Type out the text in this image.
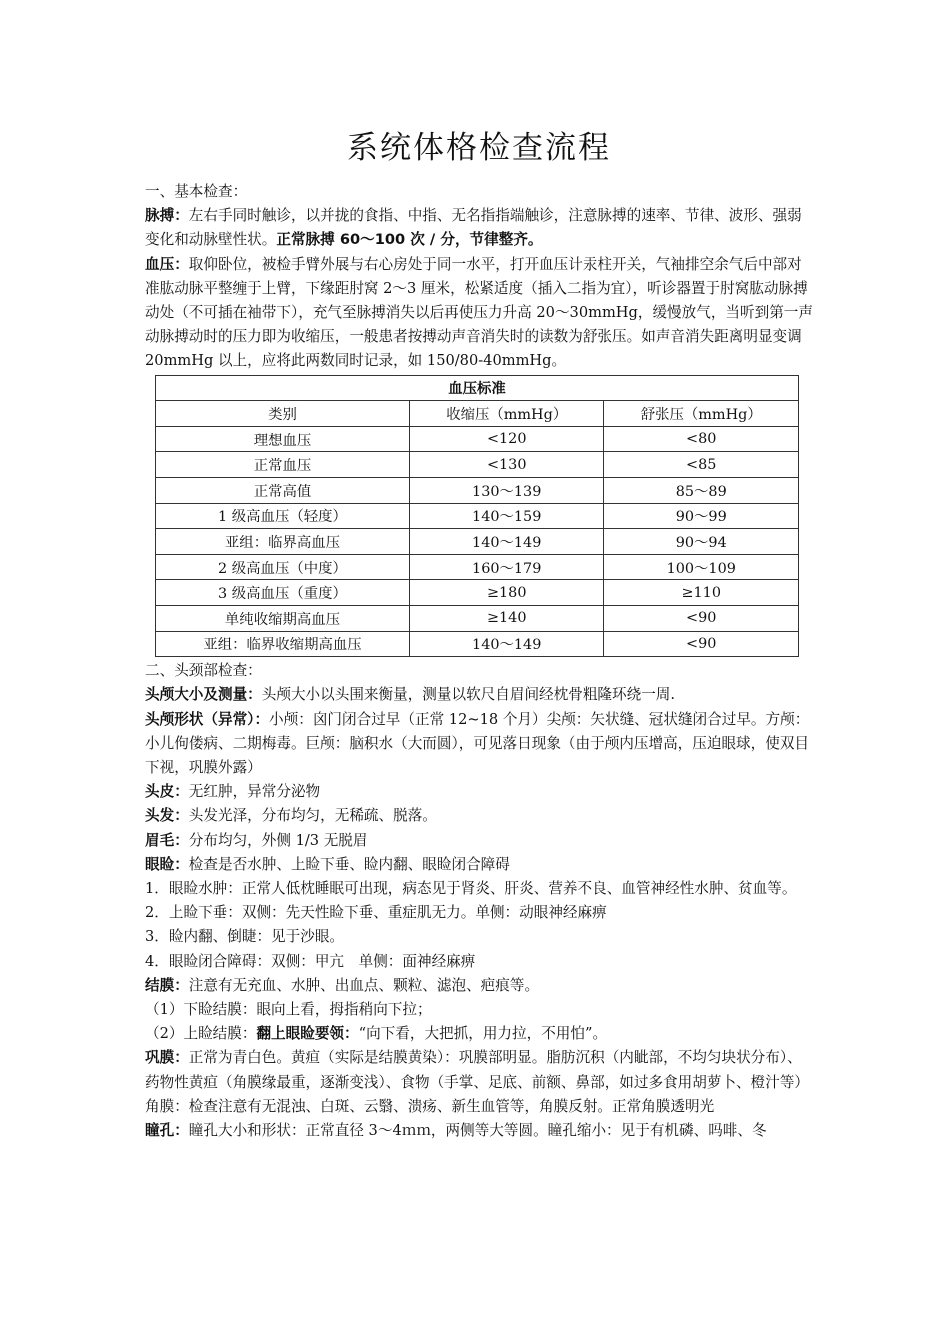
系统体格检查流程

一、基本检查：

脉搏：左右手同时触诊，以并拢的食指、中指、无名指指端触诊，注意脉搏的速率、节律、波形、强弱变化和动脉壁性状。正常脉搏 60～100 次 / 分，节律整齐。

血压：取仰卧位，被检手臂外展与右心房处于同一水平，打开血压计汞柱开关，气袖排空余气后中部对准肱动脉平整缠于上臂，下缘距肘窝 2～3 厘米，松紧适度（插入二指为宜），听诊器置于肘窝肱动脉搏动处（不可插在袖带下），充气至脉搏消失以后再使压力升高 20～30mmHg，缓慢放气，当听到第一声动脉搏动时的压力即为收缩压，一般患者按搏动声音消失时的读数为舒张压。如声音消失距离明显变调 20mmHg 以上，应将此两数同时记录，如 150/80-40mmHg。

血压标准		
类别	收缩压（mmHg）	舒张压（mmHg）
理想血压	<120	<80
正常血压	<130	<85
正常高值	130～139	85～89
1 级高血压（轻度）	140～159	90～99
亚组：临界高血压	140～149	90～94
2 级高血压（中度）	160～179	100～109
3 级高血压（重度）	≥180	≥110
单纯收缩期高血压	≥140	<90
亚组：临界收缩期高血压	140～149	<90

二、头颈部检查：

头颅大小及测量：头颅大小以头围来衡量，测量以软尺自眉间经枕骨粗隆环绕一周.

头颅形状（异常）：小颅：囟门闭合过早（正常 12~18 个月）尖颅：矢状缝、冠状缝闭合过早。方颅：小儿佝偻病、二期梅毒。巨颅：脑积水（大而圆），可见落日现象（由于颅内压增高，压迫眼球，使双目下视，巩膜外露）

头皮：无红肿，异常分泌物

头发：头发光泽，分布均匀，无稀疏、脱落。

眉毛：分布均匀，外侧 1/3 无脱眉

眼睑：检查是否水肿、上睑下垂、睑内翻、眼睑闭合障碍

1．眼睑水肿：正常人低枕睡眠可出现，病态见于肾炎、肝炎、营养不良、血管神经性水肿、贫血等。

2．上睑下垂：双侧：先天性睑下垂、重症肌无力。单侧：动眼神经麻痹

3．睑内翻、倒睫：见于沙眼。

4．眼睑闭合障碍：双侧：甲亢　单侧：面神经麻痹

结膜：注意有无充血、水肿、出血点、颗粒、滤泡、疤痕等。

（1）下睑结膜：眼向上看，拇指稍向下拉；

（2）上睑结膜：翻上眼睑要领：“向下看，大把抓，用力拉，不用怕”。

巩膜：正常为青白色。黄疸（实际是结膜黄染）：巩膜部明显。脂肪沉积（内眦部，不均匀块状分布）、药物性黄疸（角膜缘最重，逐渐变浅）、食物（手掌、足底、前额、鼻部，如过多食用胡萝卜、橙汁等）

角膜：检查注意有无混浊、白斑、云翳、溃疡、新生血管等，角膜反射。正常角膜透明光

瞳孔：瞳孔大小和形状：正常直径 3～4ｍｍ，两侧等大等圆。瞳孔缩小：见于有机磷、吗啡、冬
